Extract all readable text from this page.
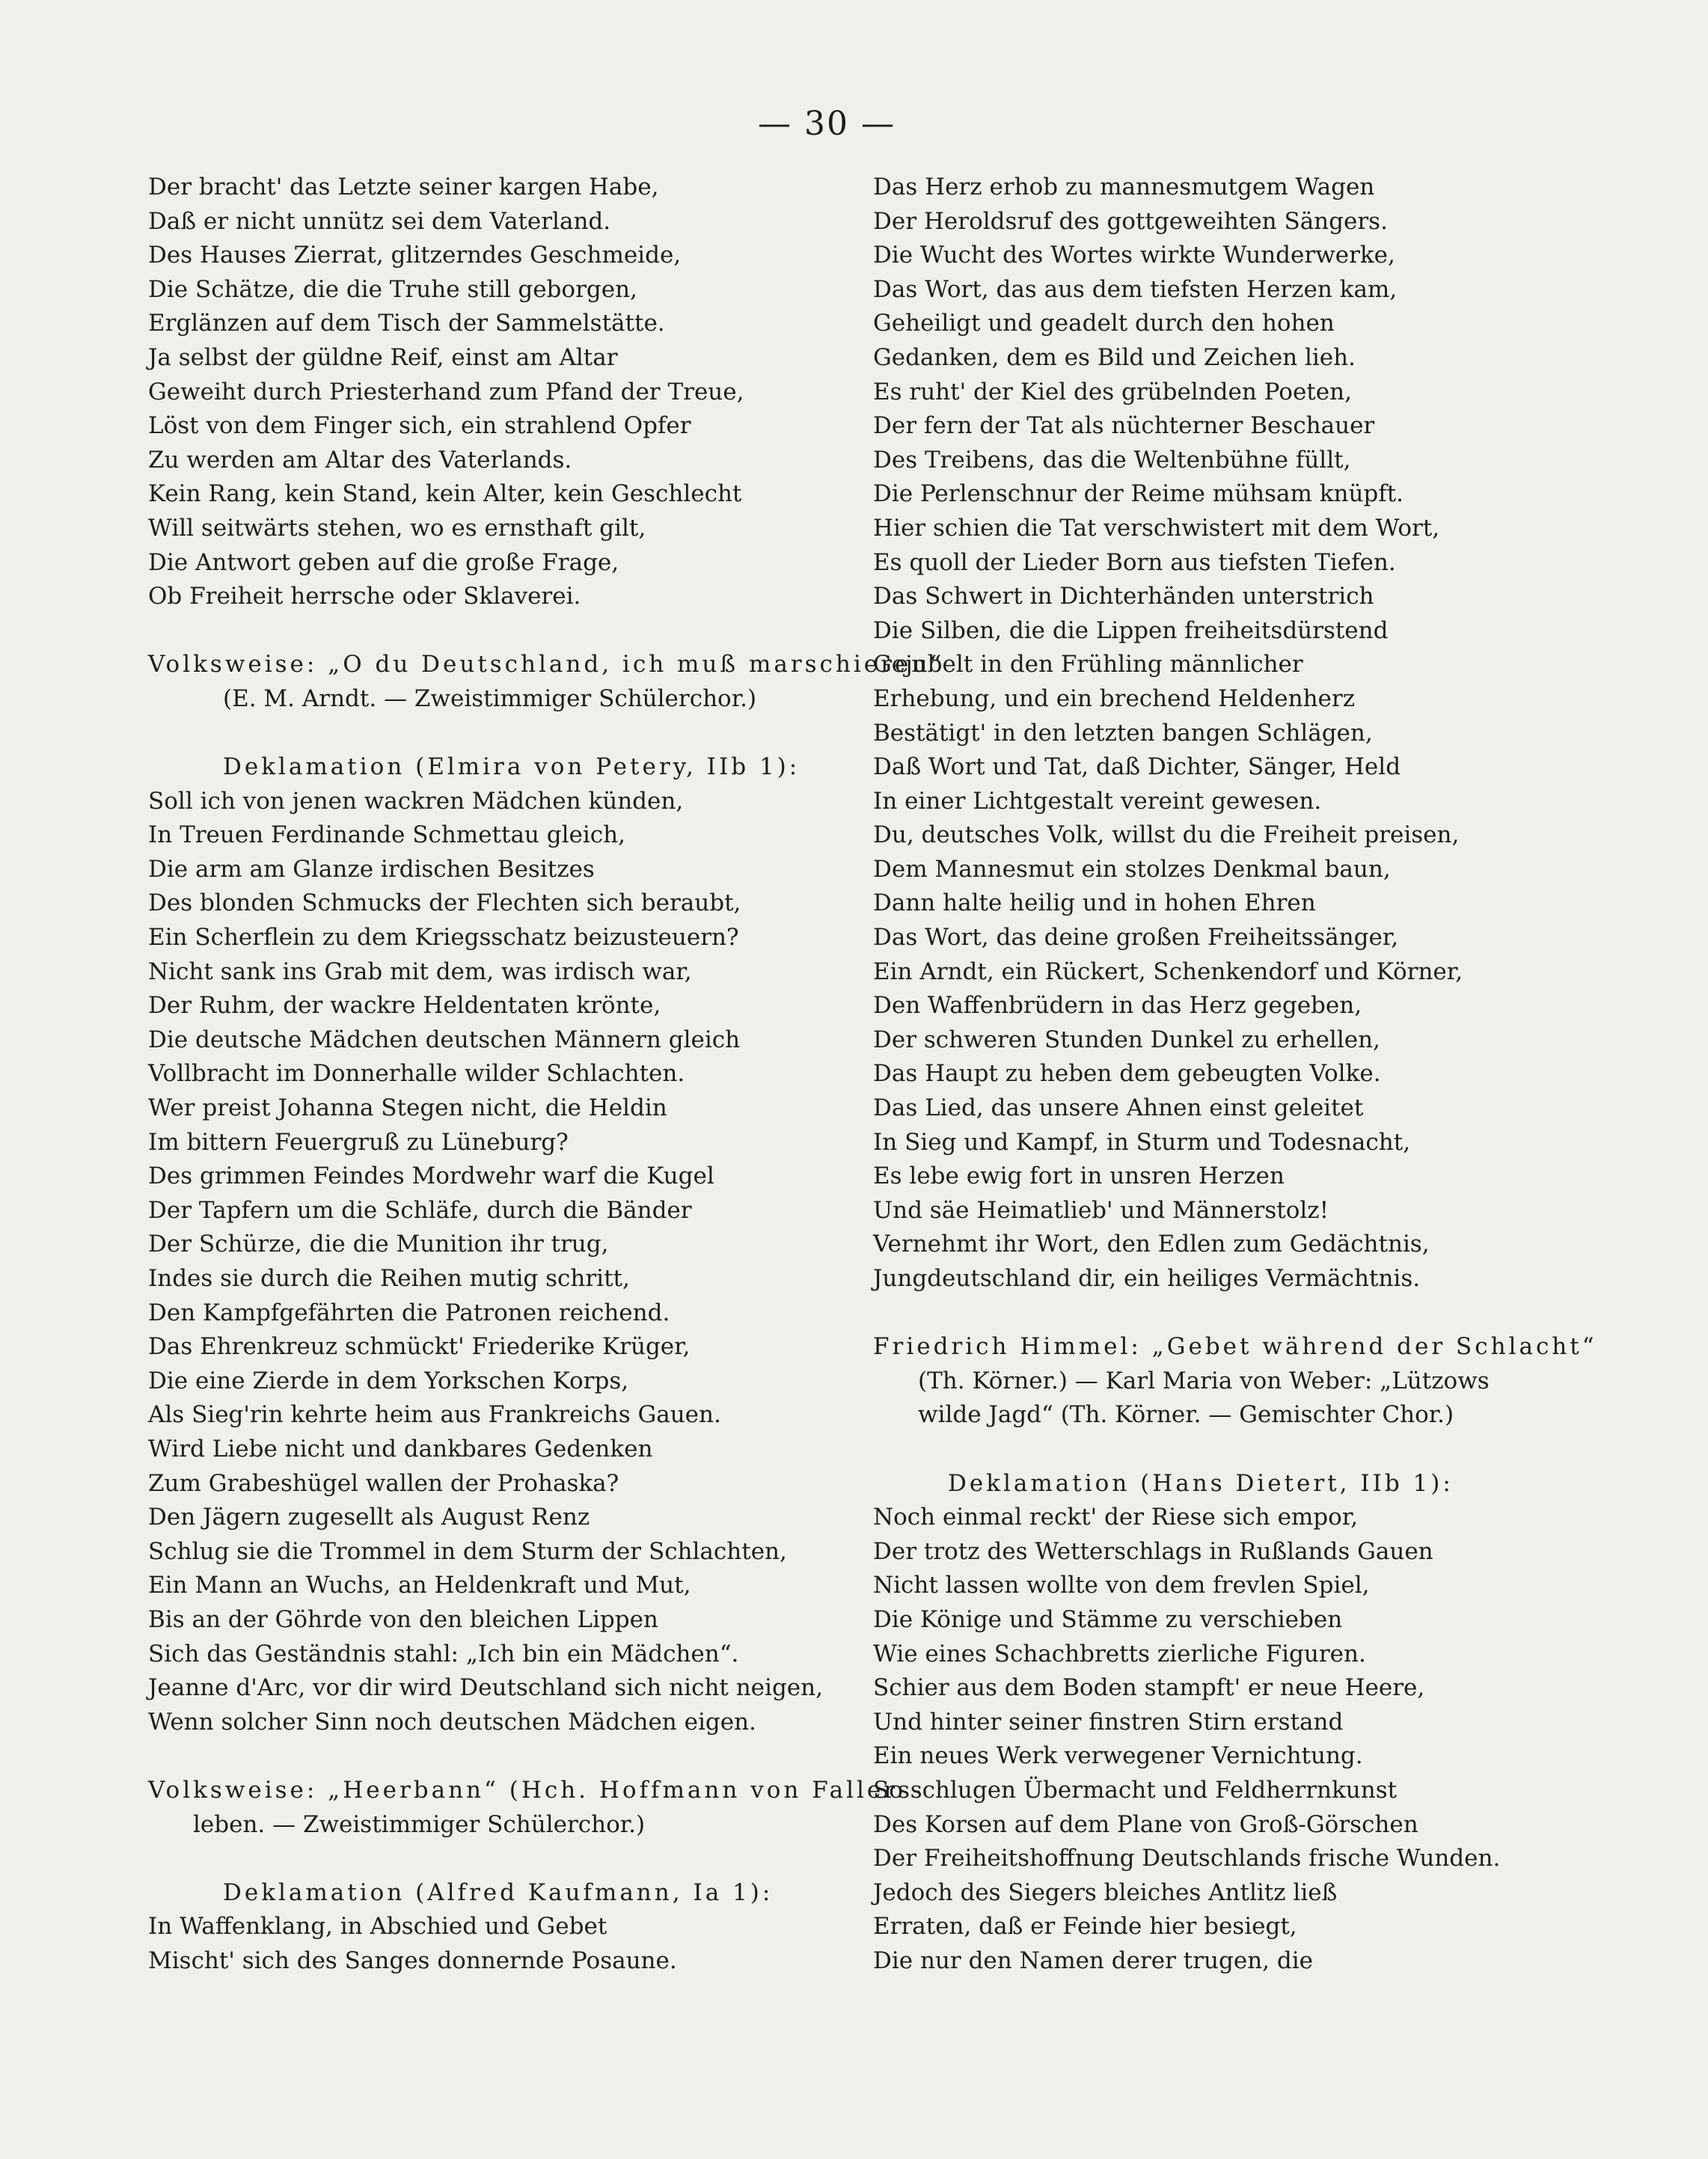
— 30 —
Der bracht' das Letzte seiner kargen Habe,
Daß er nicht unnütz sei dem Vaterland.
Des Hauses Zierrat, glitzerndes Geschmeide,
Die Schätze, die die Truhe still geborgen,
Erglänzen auf dem Tisch der Sammelstätte.
Ja selbst der güldne Reif, einst am Altar
Geweiht durch Priesterhand zum Pfand der Treue,
Löst von dem Finger sich, ein strahlend Opfer
Zu werden am Altar des Vaterlands.
Kein Rang, kein Stand, kein Alter, kein Geschlecht
Will seitwärts stehen, wo es ernsthaft gilt,
Die Antwort geben auf die große Frage,
Ob Freiheit herrsche oder Sklaverei.
Volksweise: „O du Deutschland, ich muß marschieren“
(E. M. Arndt. — Zweistimmiger Schülerchor.)
Deklamation (Elmira von Petery, IIb 1):
Soll ich von jenen wackren Mädchen künden,
In Treuen Ferdinande Schmettau gleich,
Die arm am Glanze irdischen Besitzes
Des blonden Schmucks der Flechten sich beraubt,
Ein Scherflein zu dem Kriegsschatz beizusteuern?
Nicht sank ins Grab mit dem, was irdisch war,
Der Ruhm, der wackre Heldentaten krönte,
Die deutsche Mädchen deutschen Männern gleich
Vollbracht im Donnerhalle wilder Schlachten.
Wer preist Johanna Stegen nicht, die Heldin
Im bittern Feuergruß zu Lüneburg?
Des grimmen Feindes Mordwehr warf die Kugel
Der Tapfern um die Schläfe, durch die Bänder
Der Schürze, die die Munition ihr trug,
Indes sie durch die Reihen mutig schritt,
Den Kampfgefährten die Patronen reichend.
Das Ehrenkreuz schmückt' Friederike Krüger,
Die eine Zierde in dem Yorkschen Korps,
Als Sieg'rin kehrte heim aus Frankreichs Gauen.
Wird Liebe nicht und dankbares Gedenken
Zum Grabeshügel wallen der Prohaska?
Den Jägern zugesellt als August Renz
Schlug sie die Trommel in dem Sturm der Schlachten,
Ein Mann an Wuchs, an Heldenkraft und Mut,
Bis an der Göhrde von den bleichen Lippen
Sich das Geständnis stahl: „Ich bin ein Mädchen“.
Jeanne d'Arc, vor dir wird Deutschland sich nicht neigen,
Wenn solcher Sinn noch deutschen Mädchen eigen.
Volksweise: „Heerbann“ (Hch. Hoffmann von Fallers-
leben. — Zweistimmiger Schülerchor.)
Deklamation (Alfred Kaufmann, Ia 1):
In Waffenklang, in Abschied und Gebet
Mischt' sich des Sanges donnernde Posaune.
Das Herz erhob zu mannesmutgem Wagen
Der Heroldsruf des gottgeweihten Sängers.
Die Wucht des Wortes wirkte Wunderwerke,
Das Wort, das aus dem tiefsten Herzen kam,
Geheiligt und geadelt durch den hohen
Gedanken, dem es Bild und Zeichen lieh.
Es ruht' der Kiel des grübelnden Poeten,
Der fern der Tat als nüchterner Beschauer
Des Treibens, das die Weltenbühne füllt,
Die Perlenschnur der Reime mühsam knüpft.
Hier schien die Tat verschwistert mit dem Wort,
Es quoll der Lieder Born aus tiefsten Tiefen.
Das Schwert in Dichterhänden unterstrich
Die Silben, die die Lippen freiheitsdürstend
Gejubelt in den Frühling männlicher
Erhebung, und ein brechend Heldenherz
Bestätigt' in den letzten bangen Schlägen,
Daß Wort und Tat, daß Dichter, Sänger, Held
In einer Lichtgestalt vereint gewesen.
Du, deutsches Volk, willst du die Freiheit preisen,
Dem Mannesmut ein stolzes Denkmal baun,
Dann halte heilig und in hohen Ehren
Das Wort, das deine großen Freiheitssänger,
Ein Arndt, ein Rückert, Schenkendorf und Körner,
Den Waffenbrüdern in das Herz gegeben,
Der schweren Stunden Dunkel zu erhellen,
Das Haupt zu heben dem gebeugten Volke.
Das Lied, das unsere Ahnen einst geleitet
In Sieg und Kampf, in Sturm und Todesnacht,
Es lebe ewig fort in unsren Herzen
Und säe Heimatlieb' und Männerstolz!
Vernehmt ihr Wort, den Edlen zum Gedächtnis,
Jungdeutschland dir, ein heiliges Vermächtnis.
Friedrich Himmel: „Gebet während der Schlacht“
(Th. Körner.) — Karl Maria von Weber: „Lützows
wilde Jagd“ (Th. Körner. — Gemischter Chor.)
Deklamation (Hans Dietert, IIb 1):
Noch einmal reckt' der Riese sich empor,
Der trotz des Wetterschlags in Rußlands Gauen
Nicht lassen wollte von dem frevlen Spiel,
Die Könige und Stämme zu verschieben
Wie eines Schachbretts zierliche Figuren.
Schier aus dem Boden stampft' er neue Heere,
Und hinter seiner finstren Stirn erstand
Ein neues Werk verwegener Vernichtung.
So schlugen Übermacht und Feldherrnkunst
Des Korsen auf dem Plane von Groß-Görschen
Der Freiheitshoffnung Deutschlands frische Wunden.
Jedoch des Siegers bleiches Antlitz ließ
Erraten, daß er Feinde hier besiegt,
Die nur den Namen derer trugen, die
